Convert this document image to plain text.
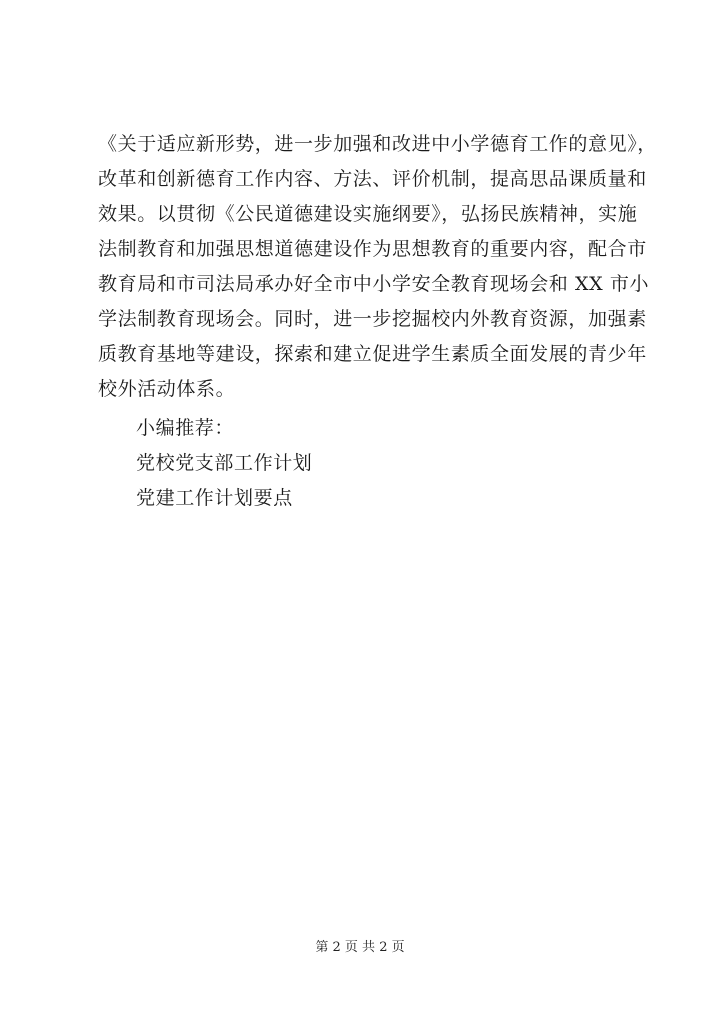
《关于适应新形势，进一步加强和改进中小学德育工作的意见》，
改革和创新德育工作内容、方法、评价机制，提高思品课质量和
效果。以贯彻《公民道德建设实施纲要》，弘扬民族精神，实施
法制教育和加强思想道德建设作为思想教育的重要内容，配合市
教育局和市司法局承办好全市中小学安全教育现场会和 XX 市小
学法制教育现场会。同时，进一步挖掘校内外教育资源，加强素
质教育基地等建设，探索和建立促进学生素质全面发展的青少年
校外活动体系。
小编推荐：
党校党支部工作计划
党建工作计划要点
第 2 页 共 2 页
